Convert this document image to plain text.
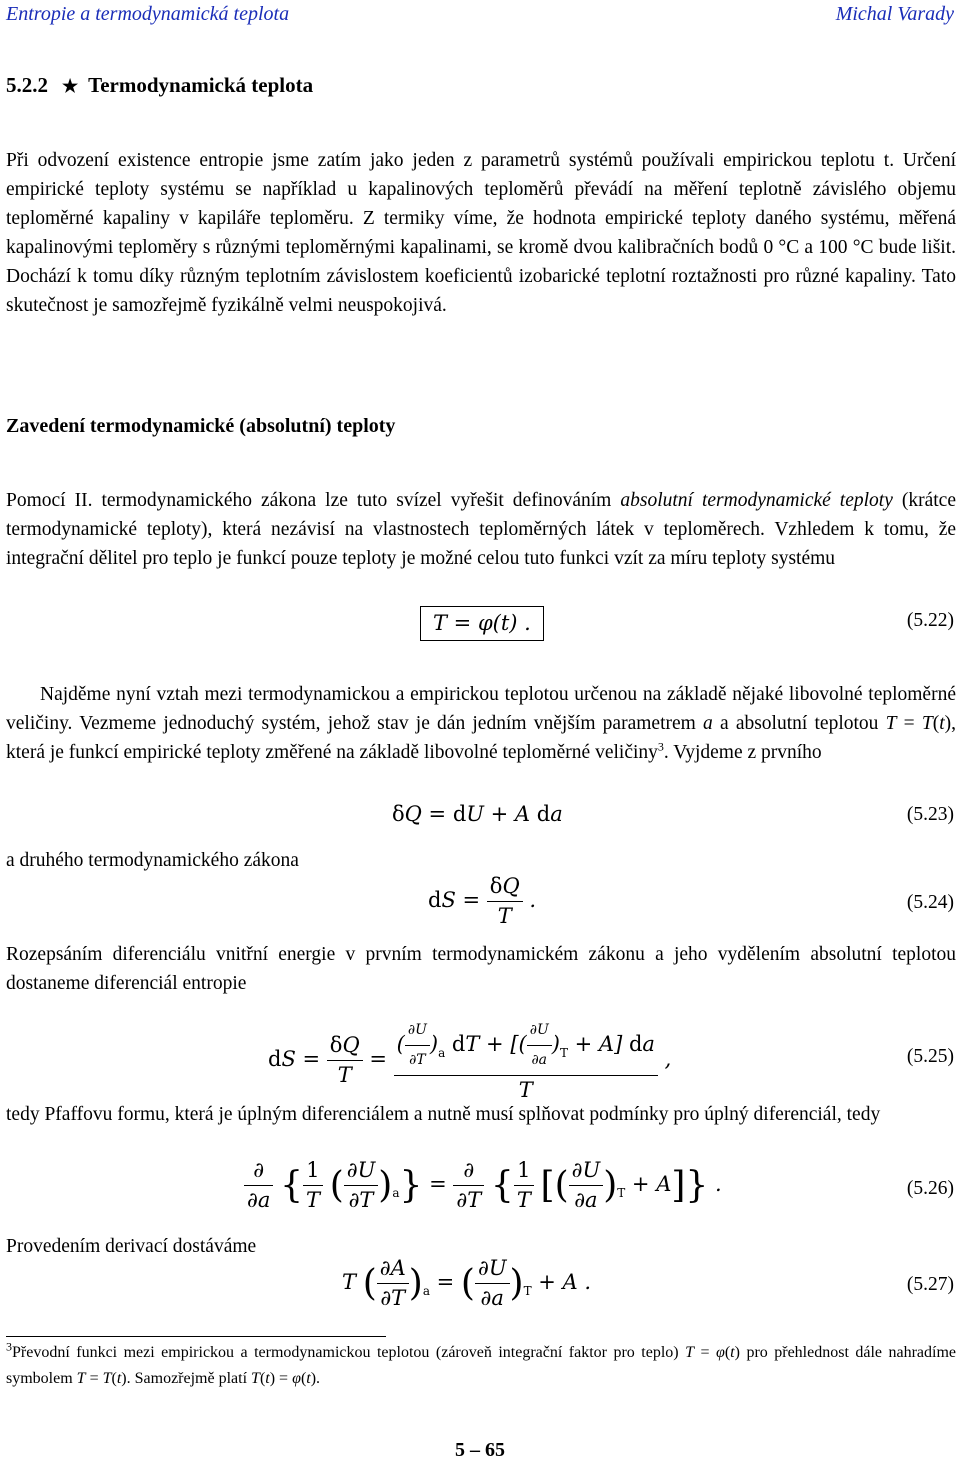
Entropie a termodynamická teplota	Michal Varady
5.2.2 ★ Termodynamická teplota

Při odvození existence entropie jsme zatím jako jeden z parametrů systémů používali empirickou teplotu t. Určení empirické teploty systému se například u kapalinových teploměrů převádí na měření teplotně závislého objemu teploměrné kapaliny v kapiláře teploměru. Z termiky víme, že hodnota empirické teploty daného systému, měřená kapalinovými teploměry s různými teploměrnými kapalinami, se kromě dvou kalibračních bodů 0 °C a 100 °C bude lišit. Dochází k tomu díky různým teplotním závislostem koeficientů izobarické teplotní roztažnosti pro různé kapaliny. Tato skutečnost je samozřejmě fyzikálně velmi neuspokojivá.

Zavedení termodynamické (absolutní) teploty

Pomocí II. termodynamického zákona lze tuto svízel vyřešit definováním absolutní termodynamické teploty (krátce termodynamické teploty), která nezávisí na vlastnostech teploměrných látek v teploměrech. Vzhledem k tomu, že integrační dělitel pro teplo je funkcí pouze teploty je možné celou tuto funkci vzít za míru teploty systému

T = φ(t) .	(5.22)

Najděme nyní vztah mezi termodynamickou a empirickou teplotou určenou na základě nějaké libovolné teploměrné veličiny. Vezmeme jednoduchý systém, jehož stav je dán jedním vnějším parametrem a a absolutní teplotou T = T(t), která je funkcí empirické teploty změřené na základě libovolné teploměrné veličiny$^3$. Vyjdeme z prvního

δQ = dU + A da	(5.23)
a druhého termodynamického zákona
dS = $\frac{\delta Q}{T}$ .	(5.24)

Rozepsáním diferenciálu vnitřní energie v prvním termodynamickém zákonu a jeho vydělením absolutní teplotou dostaneme diferenciál entropie

dS = $\frac{\delta Q}{T} = \frac{( \frac{\partial U}{\partial T} )_a dT + [( \frac{\partial U}{\partial a} )_T + A] da}{T}$ ,	(5.25)

tedy Pfaffovu formu, která je úplným diferenciálem a nutně musí splňovat podmínky pro úplný diferenciál, tedy

$\frac{\partial}{\partial a}$ { $\frac{1}{T}$ ( $\frac{\partial U}{\partial T} )_a\} = \frac{\partial}{\partial T}$ { $\frac{1}{T}$ [( $\frac{\partial U}{\partial a} )_T + A$]} .	(5.26)
Provedením derivací dostáváme
T ( $\frac{\partial A}{\partial T} )_a$ = ( $\frac{\partial U}{\partial a} )_T + A$ .	(5.27)
$^3$Převodní funkci mezi empirickou a termodynamickou teplotou (zároveň integrační faktor pro teplo) T = φ(t) pro přehlednost dále nahradíme symbolem T = T(t). Samozřejmě platí T(t) = φ(t).
5 – 65
